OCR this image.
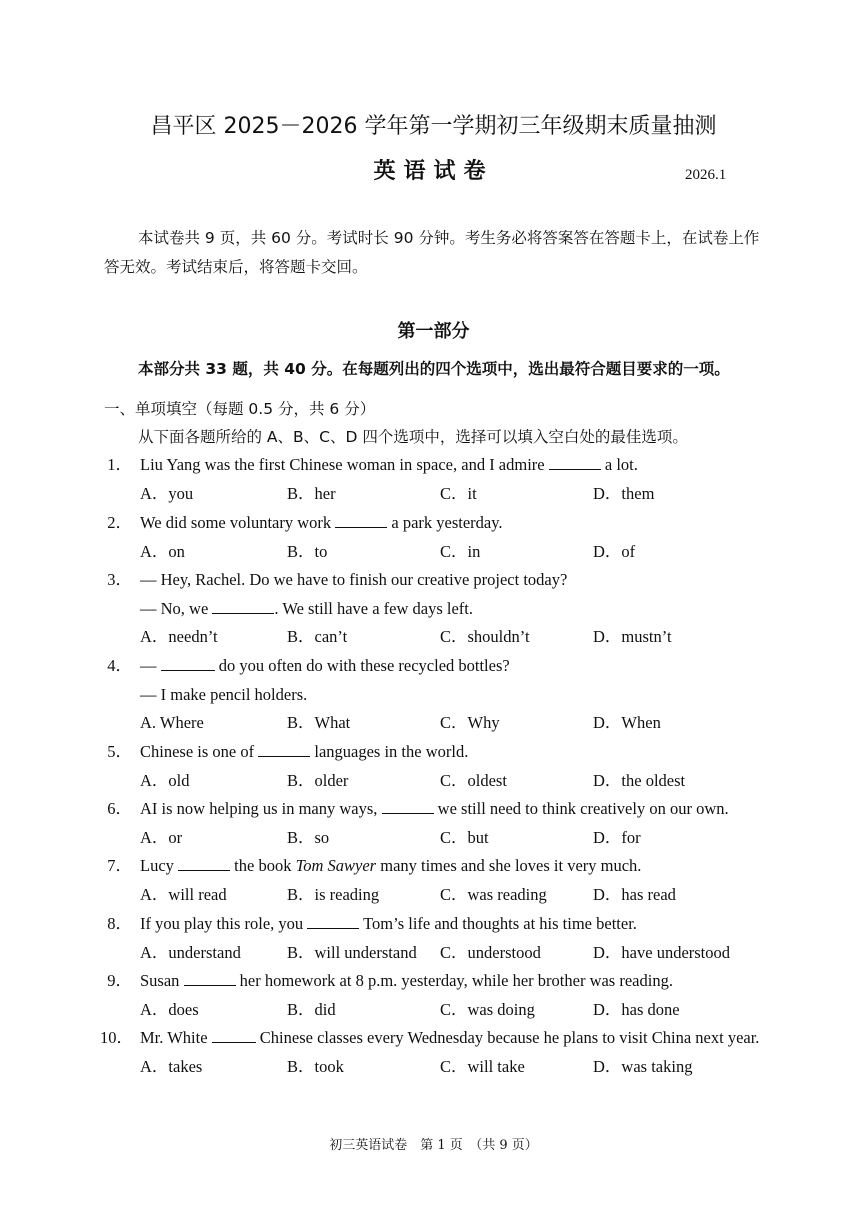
昌平区 2025－2026 学年第一学期初三年级期末质量抽测
英语试卷	2026.1
本试卷共 9 页，共 60 分。考试时长 90 分钟。考生务必将答案答在答题卡上，在试卷上作答无效。考试结束后，将答题卡交回。
第一部分
本部分共 33 题，共 40 分。在每题列出的四个选项中，选出最符合题目要求的一项。
一、单项填空（每题 0.5 分，共 6 分）
从下面各题所给的 A、B、C、D 四个选项中，选择可以填入空白处的最佳选项。
1． Liu Yang was the first Chinese woman in space, and I admire	a lot.
A．you	B．her	C．it	D．them
2． We did some voluntary work	a park yesterday.
A．on	B．to	C．in	D．of
3． — Hey, Rachel. Do we have to finish our creative project today?
— No, we	. We still have a few days left.
A．needn’t	B．can’t	C．shouldn’t	D．mustn’t
4． —	do you often do with these recycled bottles?
— I make pencil holders.
A. Where	B．What	C．Why	D．When
5． Chinese is one of	languages in the world.
A．old	B．older	C．oldest	D．the oldest
6． AI is now helping us in many ways,	we still need to think creatively on our own.
A．or	B．so	C．but	D．for
7． Lucy	the book Tom Sawyer many times and she loves it very much.
A．will read	B．is reading	C．was reading	D．has read
8． If you play this role, you	Tom’s life and thoughts at his time better.
A．understand	B．will understand C．understood	D．have understood
9． Susan	her homework at 8 p.m. yesterday, while her brother was reading.
A．does	B．did	C．was doing	D．has done
10． Mr. White	Chinese classes every Wednesday because he plans to visit China next year.
A．takes	B．took	C．will take	D．was taking
初三英语试卷　第 1 页　（共 9 页）
